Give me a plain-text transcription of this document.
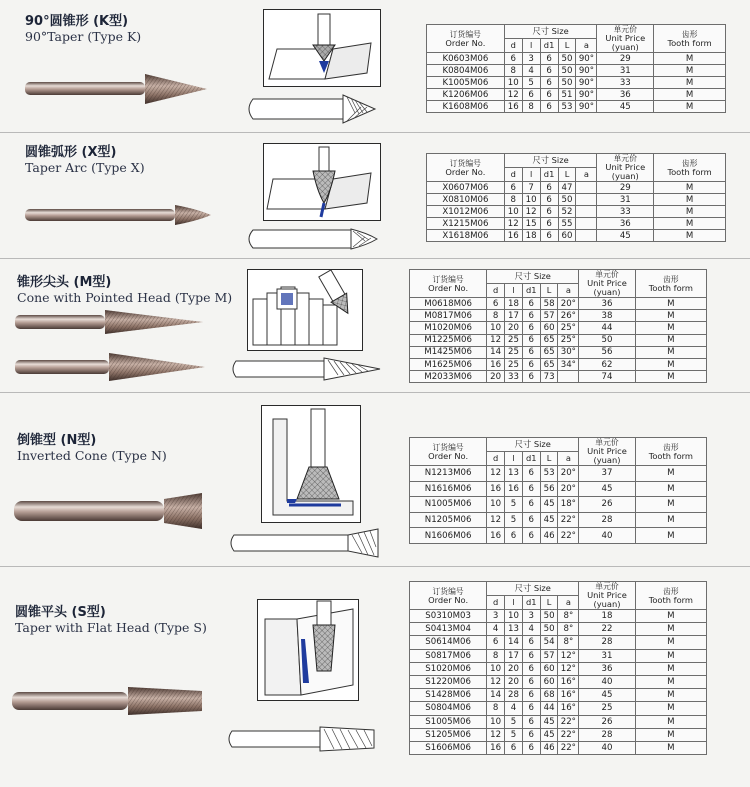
90°圆锥形 (K型)
90°Taper (Type K)	订货编号
Order No.	尺寸 Size					单元价
Unit Price
(yuan)	齿形
Tooth form
	d	l	d1	L	a		
K0603M06	6	3	6	50	90°	29	M
K0804M06	8	4	6	50	90°	31	M
K1005M06	10	5	6	50	90°	33	M
K1206M06	12	6	6	51	90°	36	M
K1608M06	16	8	6	53	90°	45	M
圆锥弧形 (X型)
Taper Arc (Type X)	订货编号
Order No.	尺寸 Size					单元价
Unit Price
(yuan)	齿形
Tooth form
	d	l	d1	L	a		
X0607M06	6	7	6	47		29	M
X0810M06	8	10	6	50		31	M
X1012M06	10	12	6	52		33	M
X1215M06	12	15	6	55		36	M
X1618M06	16	18	6	60		45	M
锥形尖头 (M型)
Cone with Pointed Head (Type M)
订货编号
Order No.	尺寸 Size					单元价
Unit Price
(yuan)	齿形
Tooth form
	d	l	d1	L	a		
M0618M06	6	18	6	58	20°	36	M
M0817M06	8	17	6	57	26°	38	M
M1020M06	10	20	6	60	25°	44	M
M1225M06	12	25	6	65	25°	50	M
M1425M06	14	25	6	65	30°	56	M
M1625M06	16	25	6	65	34°	62	M
M2033M06	20	33	6	73		74	M
倒锥型 (N型)
Inverted Cone (Type N)
订货编号
Order No.	尺寸 Size					单元价
Unit Price
(yuan)	齿形
Tooth form
	d	l	d1	L	a		
N1213M06	12	13	6	53	20°	37	M
N1616M06	16	16	6	56	20°	45	M
N1005M06	10	5	6	45	18°	26	M
N1205M06	12	5	6	45	22°	28	M
N1606M06	16	6	6	46	22°	40	M
圆锥平头 (S型)
Taper with Flat Head (Type S)
订货编号
Order No.	尺寸 Size					单元价
Unit Price
(yuan)	齿形
Tooth form
	d	l	d1	L	a		
S0310M03	3	10	3	50	8°	18	M
S0413M04	4	13	4	50	8°	22	M
S0614M06	6	14	6	54	8°	28	M
S0817M06	8	17	6	57	12°	31	M
S1020M06	10	20	6	60	12°	36	M
S1220M06	12	20	6	60	16°	40	M
S1428M06	14	28	6	68	16°	45	M
S0804M06	8	4	6	44	16°	25	M
S1005M06	10	5	6	45	22°	26	M
S1205M06	12	5	6	45	22°	28	M
S1606M06	16	6	6	46	22°	40	M
